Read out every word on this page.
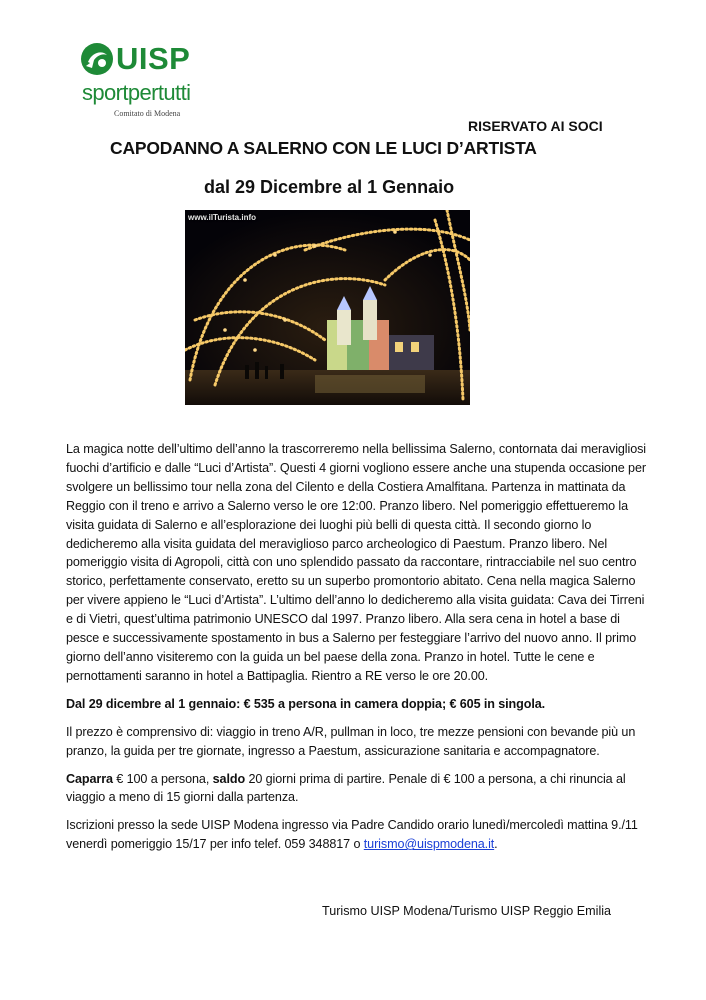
UISP
sportpertutti
Comitato di Modena
RISERVATO AI SOCI
CAPODANNO A SALERNO CON LE LUCI D’ARTISTA
dal 29 Dicembre al 1 Gennaio
www.ilTurista.info

La magica notte dell’ultimo dell’anno la trascorreremo nella bellissima Salerno, contornata dai meravigliosi fuochi d’artificio e dalle “Luci d’Artista”. Questi 4 giorni vogliono essere anche una stupenda occasione per svolgere un bellissimo tour nella zona del Cilento e della Costiera Amalfitana. Partenza in mattinata da Reggio con il treno e arrivo a Salerno verso le ore 12:00. Pranzo libero. Nel pomeriggio effettueremo la visita guidata di Salerno e all’esplorazione dei luoghi più belli di questa città. Il secondo giorno lo dedicheremo alla visita guidata del meraviglioso parco archeologico di Paestum. Pranzo libero. Nel pomeriggio visita di Agropoli, città con uno splendido passato da raccontare, rintracciabile nel suo centro storico, perfettamente conservato, eretto su un superbo promontorio abitato. Cena nella magica Salerno per vivere appieno le “Luci d’Artista”. L’ultimo dell’anno lo dedicheremo alla visita guidata: Cava dei Tirreni e di Vietri, quest’ultima patrimonio UNESCO dal 1997. Pranzo libero. Alla sera cena in hotel a base di pesce e successivamente spostamento in bus a Salerno per festeggiare l’arrivo del nuovo anno. Il primo giorno dell’anno visiteremo con la guida un bel paese della zona. Pranzo in hotel. Tutte le cene e pernottamenti saranno in hotel a Battipaglia. Rientro a RE verso le ore 20.00.

Dal 29 dicembre al 1 gennaio: € 535 a persona in camera doppia; € 605 in singola.

Il prezzo è comprensivo di: viaggio in treno A/R, pullman in loco, tre mezze pensioni con bevande più un pranzo, la guida per tre giornate, ingresso a Paestum, assicurazione sanitaria e accompagnatore.

Caparra € 100 a persona, saldo 20 giorni prima di partire. Penale di € 100 a persona, a chi rinuncia al viaggio a meno di 15 giorni dalla partenza.

Iscrizioni presso la sede UISP Modena ingresso via Padre Candido orario lunedì/mercoledì mattina 9./11 venerdì pomeriggio 15/17 per info telef. 059 348817 o turismo@uispmodena.it.

Turismo UISP Modena/Turismo UISP Reggio Emilia
